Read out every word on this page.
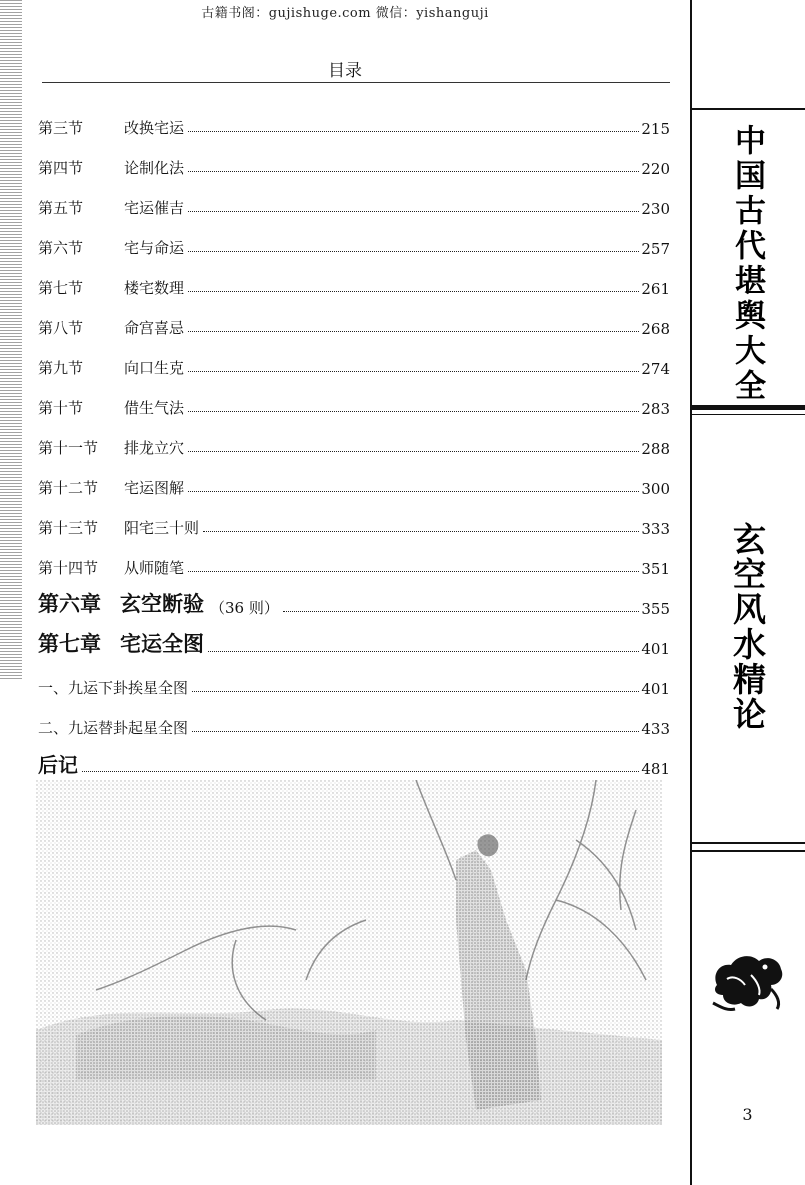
古籍书阁：gujishuge.com 微信：yishanguji
目录
第三节	改换宅运	215
第四节	论制化法	220
第五节	宅运催吉	230
第六节	宅与命运	257
第七节	楼宅数理	261
第八节	命宫喜忌	268
第九节	向口生克	274
第十节	借生气法	283
第十一节	排龙立穴	288
第十二节	宅运图解	300
第十三节	阳宅三十则	333
第十四节	从师随笔	351
第六章 玄空断验 （36 则）	355
第七章 宅运全图	401
一、九运下卦挨星全图	401
二、九运替卦起星全图	433
后记	481
中国古代堪舆大全
玄空风水精论
3
